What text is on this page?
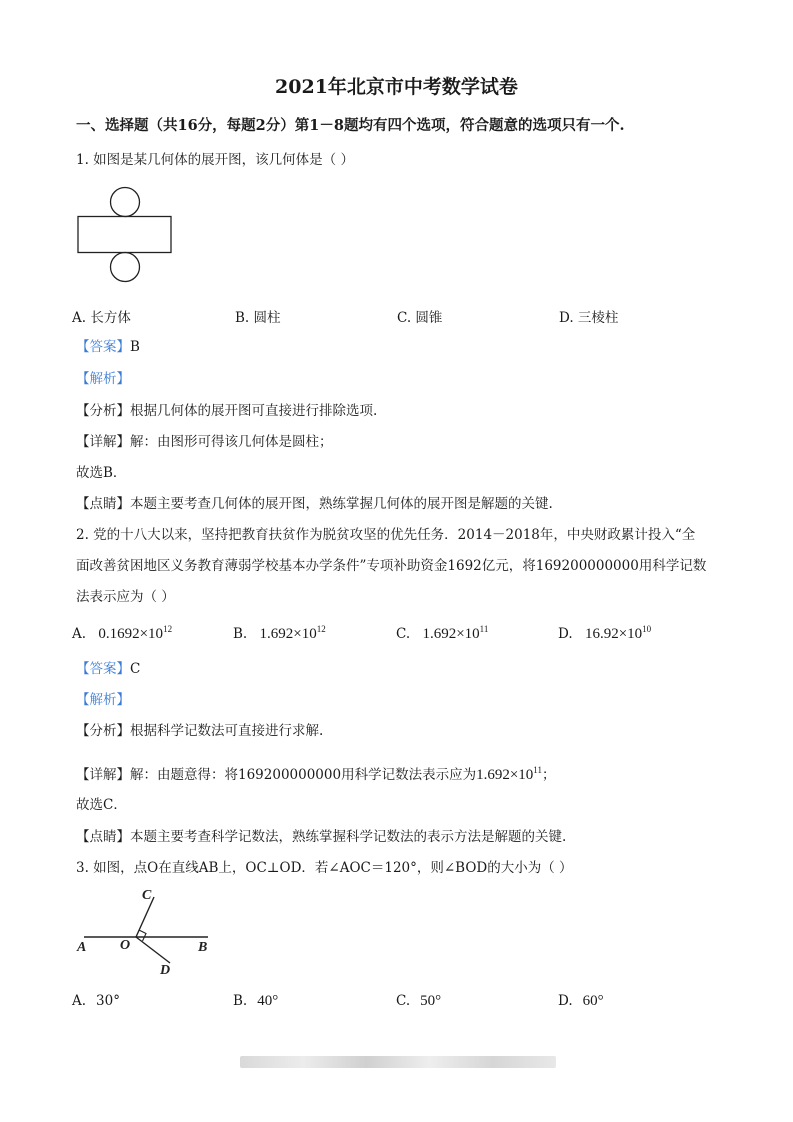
2021年北京市中考数学试卷
一、选择题（共16分，每题2分）第1－8题均有四个选项，符合题意的选项只有一个.
1. 如图是某几何体的展开图，该几何体是（ ）
A. 长方体	B. 圆柱	C. 圆锥	D. 三棱柱
【答案】B
【解析】
【分析】根据几何体的展开图可直接进行排除选项.
【详解】解：由图形可得该几何体是圆柱；
故选B．
【点睛】本题主要考查几何体的展开图，熟练掌握几何体的展开图是解题的关键.
2. 党的十八大以来，坚持把教育扶贫作为脱贫攻坚的优先任务．2014－2018年，中央财政累计投入“全
面改善贫困地区义务教育薄弱学校基本办学条件”专项补助资金1692亿元，将169200000000用科学记数
法表示应为（ ）
A. $0.1692\times 10^{12}$	B. $1.692\times 10^{12}$	C. $1.692\times 10^{11}$	D. $16.92\times 10^{10}$
【答案】C
【解析】
【分析】根据科学记数法可直接进行求解.
【详解】解：由题意得：将169200000000用科学记数法表示应为$1.692\times 10^{11}$；
故选C．
【点睛】本题主要考查科学记数法，熟练掌握科学记数法的表示方法是解题的关键.
3. 如图，点O在直线AB上，OC⊥OD．若∠AOC＝120°，则∠BOD的大小为（ ）
A O	B
C
D
A. 30°	B. 40°	C. 50°	D. 60°
